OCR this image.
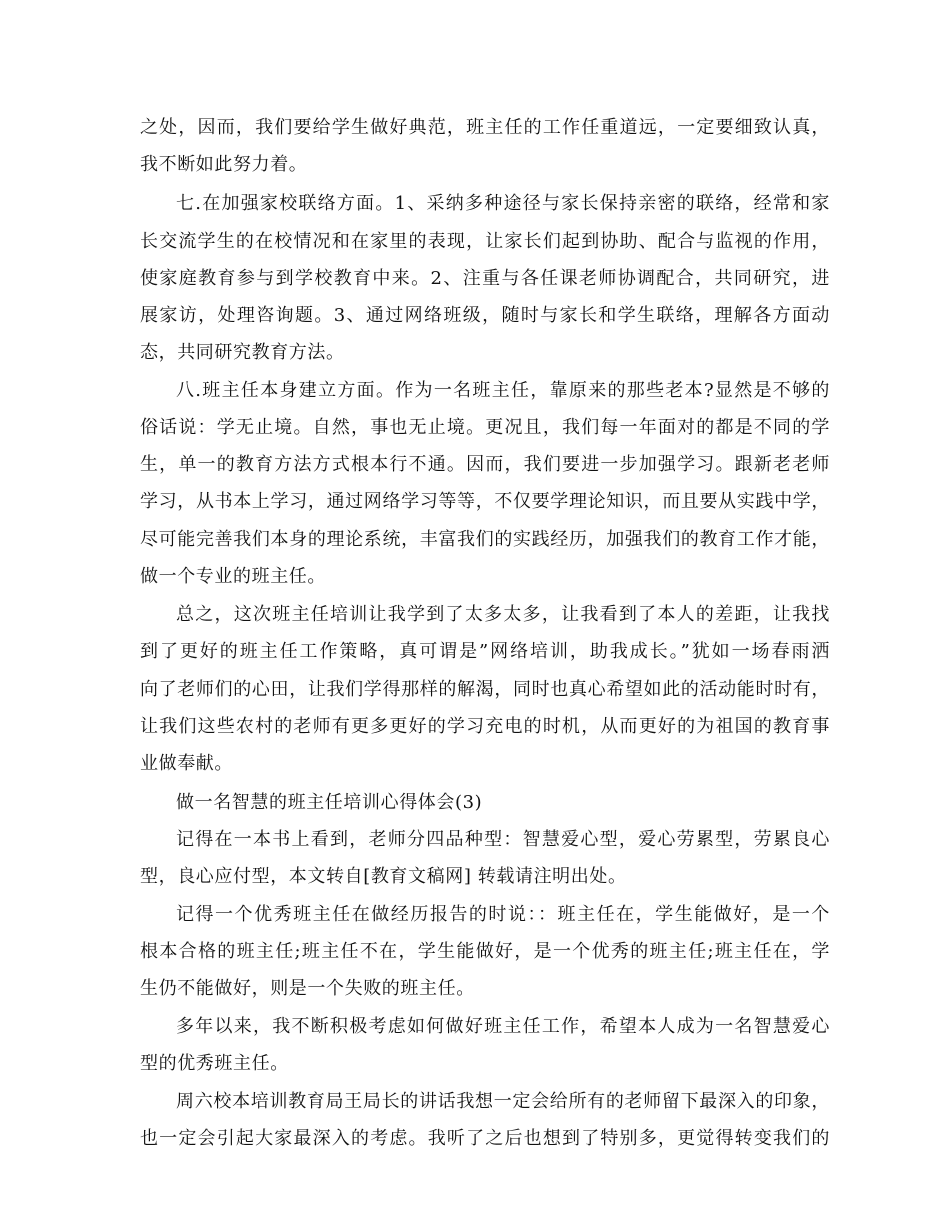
之处，因而，我们要给学生做好典范，班主任的工作任重道远，一定要细致认真，
我不断如此努力着。
七.在加强家校联络方面。1、采纳多种途径与家长保持亲密的联络，经常和家
长交流学生的在校情况和在家里的表现，让家长们起到协助、配合与监视的作用，
使家庭教育参与到学校教育中来。2、注重与各任课老师协调配合，共同研究，进
展家访，处理咨询题。3、通过网络班级，随时与家长和学生联络，理解各方面动
态，共同研究教育方法。
八.班主任本身建立方面。作为一名班主任，靠原来的那些老本?显然是不够的
俗话说：学无止境。自然，事也无止境。更况且，我们每一年面对的都是不同的学
生，单一的教育方法方式根本行不通。因而，我们要进一步加强学习。跟新老老师
学习，从书本上学习，通过网络学习等等，不仅要学理论知识，而且要从实践中学，
尽可能完善我们本身的理论系统，丰富我们的实践经历，加强我们的教育工作才能，
做一个专业的班主任。
总之，这次班主任培训让我学到了太多太多，让我看到了本人的差距，让我找
到了更好的班主任工作策略，真可谓是”网络培训，助我成长。”犹如一场春雨洒
向了老师们的心田，让我们学得那样的解渴，同时也真心希望如此的活动能时时有，
让我们这些农村的老师有更多更好的学习充电的时机，从而更好的为祖国的教育事
业做奉献。
做一名智慧的班主任培训心得体会(3)
记得在一本书上看到，老师分四品种型：智慧爱心型，爱心劳累型，劳累良心
型，良心应付型，本文转自[教育文稿网] 转载请注明出处。
记得一个优秀班主任在做经历报告的时说：：班主任在，学生能做好，是一个
根本合格的班主任;班主任不在，学生能做好，是一个优秀的班主任;班主任在，学
生仍不能做好，则是一个失败的班主任。
多年以来，我不断积极考虑如何做好班主任工作，希望本人成为一名智慧爱心
型的优秀班主任。
周六校本培训教育局王局长的讲话我想一定会给所有的老师留下最深入的印象，
也一定会引起大家最深入的考虑。我听了之后也想到了特别多，更觉得转变我们的
